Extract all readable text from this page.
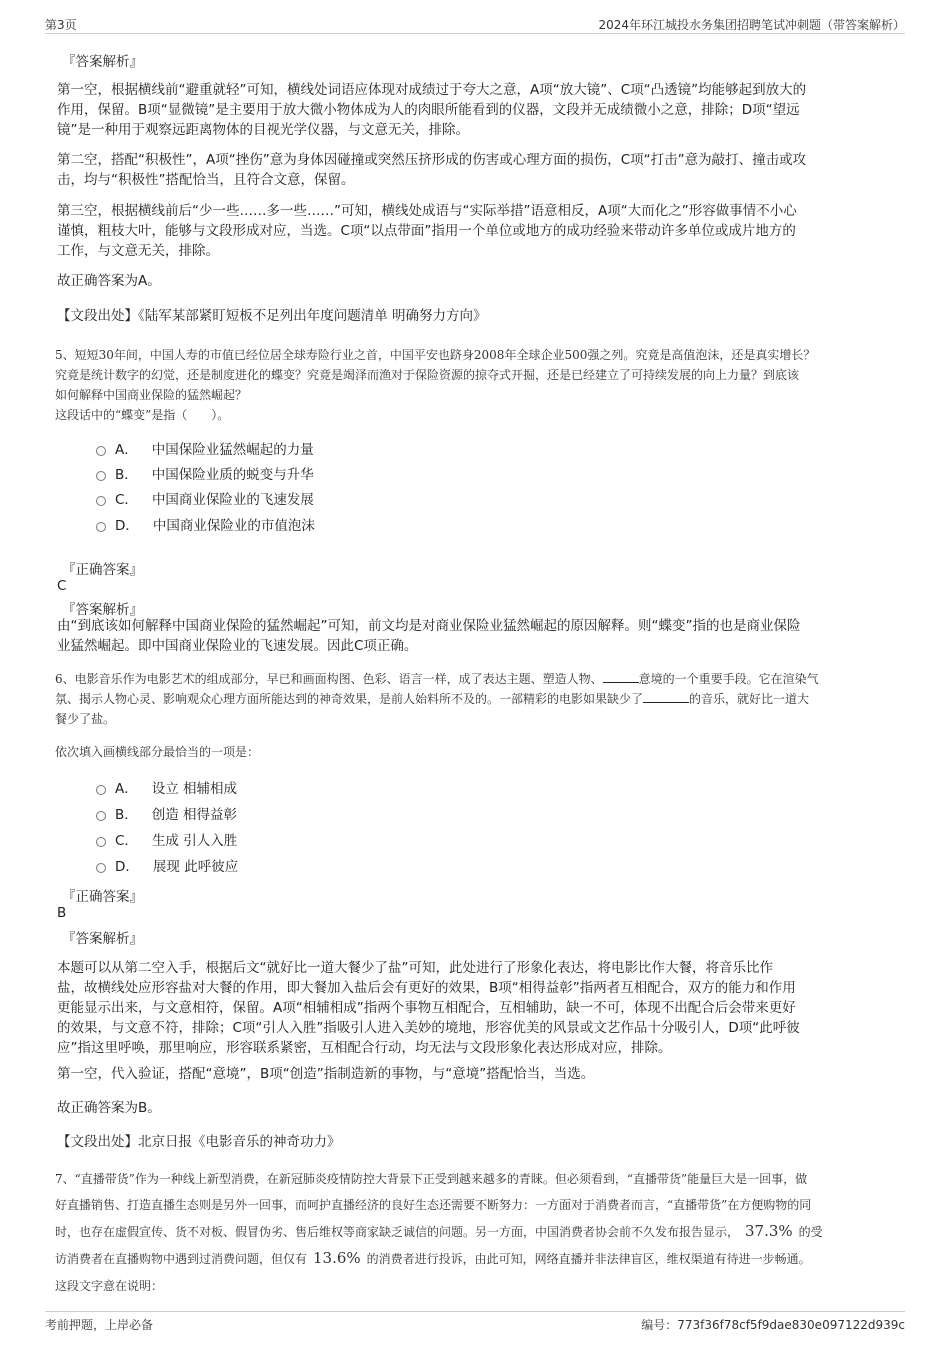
第3页	2024年环江城投水务集团招聘笔试冲刺题（带答案解析）
『答案解析』
第一空，根据横线前“避重就轻”可知，横线处词语应体现对成绩过于夸大之意，A项“放大镜”、C项“凸透镜”均能够起到放大的
作用，保留。B项“显微镜”是主要用于放大微小物体成为人的肉眼所能看到的仪器，文段并无成绩微小之意，排除；D项“望远
镜”是一种用于观察远距离物体的目视光学仪器，与文意无关，排除。
第二空，搭配“积极性”，A项“挫伤”意为身体因碰撞或突然压挤形成的伤害或心理方面的损伤，C项“打击”意为敲打、撞击或攻
击，均与“积极性”搭配恰当，且符合文意，保留。
第三空，根据横线前后“少一些……多一些……”可知，横线处成语与“实际举措”语意相反，A项“大而化之”形容做事情不小心
谨慎，粗枝大叶，能够与文段形成对应，当选。C项“以点带面”指用一个单位或地方的成功经验来带动许多单位或成片地方的
工作，与文意无关，排除。
故正确答案为A。
【文段出处】《陆军某部紧盯短板不足列出年度问题清单 明确努力方向》
5、短短30年间，中国人寿的市值已经位居全球寿险行业之首，中国平安也跻身2008年全球企业500强之列。究竟是高值泡沫，还是真实增长？
究竟是统计数字的幻觉，还是制度进化的蝶变？究竟是竭泽而渔对于保险资源的掠夺式开掘，还是已经建立了可持续发展的向上力量？到底该
如何解释中国商业保险的猛然崛起？
这段话中的“蝶变”是指（　　）。
A． 中国保险业猛然崛起的力量
B． 中国保险业质的蜕变与升华
C． 中国商业保险业的飞速发展
D． 中国商业保险业的市值泡沫
『正确答案』
C
『答案解析』
由“到底该如何解释中国商业保险的猛然崛起”可知，前文均是对商业保险业猛然崛起的原因解释。则“蝶变”指的也是商业保险
业猛然崛起。即中国商业保险业的飞速发展。因此C项正确。
6、电影音乐作为电影艺术的组成部分，早已和画面构图、色彩、语言一样，成了表达主题、塑造人物、	意境的一个重要手段。它在渲染气
氛、揭示人物心灵、影响观众心理方面所能达到的神奇效果，是前人始料所不及的。一部精彩的电影如果缺少了	的音乐，就好比一道大
餐少了盐。
依次填入画横线部分最恰当的一项是：
A． 设立 相辅相成
B． 创造 相得益彰
C． 生成 引人入胜
D． 展现 此呼彼应
『正确答案』
B
『答案解析』
本题可以从第二空入手，根据后文“就好比一道大餐少了盐”可知，此处进行了形象化表达，将电影比作大餐，将音乐比作
盐，故横线处应形容盐对大餐的作用，即大餐加入盐后会有更好的效果，B项“相得益彰”指两者互相配合，双方的能力和作用
更能显示出来，与文意相符，保留。A项“相辅相成”指两个事物互相配合，互相辅助，缺一不可，体现不出配合后会带来更好
的效果，与文意不符，排除；C项“引人入胜”指吸引人进入美妙的境地，形容优美的风景或文艺作品十分吸引人，D项“此呼彼
应”指这里呼唤，那里响应，形容联系紧密，互相配合行动，均无法与文段形象化表达形成对应，排除。
第一空，代入验证，搭配“意境”，B项“创造”指制造新的事物，与“意境”搭配恰当，当选。
故正确答案为B。
【文段出处】北京日报《电影音乐的神奇功力》
7、“直播带货”作为一种线上新型消费，在新冠肺炎疫情防控大背景下正受到越来越多的青睐。但必须看到，“直播带货”能量巨大是一回事，做
好直播销售、打造直播生态则是另外一回事，而呵护直播经济的良好生态还需要不断努力：一方面对于消费者而言，“直播带货”在方便购物的同
时，也存在虚假宣传、货不对板、假冒伪劣、售后维权等商家缺乏诚信的问题。另一方面，中国消费者协会前不久发布报告显示， 37.3% 的受
访消费者在直播购物中遇到过消费问题，但仅有 13.6% 的消费者进行投诉，由此可知，网络直播并非法律盲区，维权渠道有待进一步畅通。
这段文字意在说明：
考前押题，上岸必备	编号：773f36f78cf5f9dae830e097122d939c
